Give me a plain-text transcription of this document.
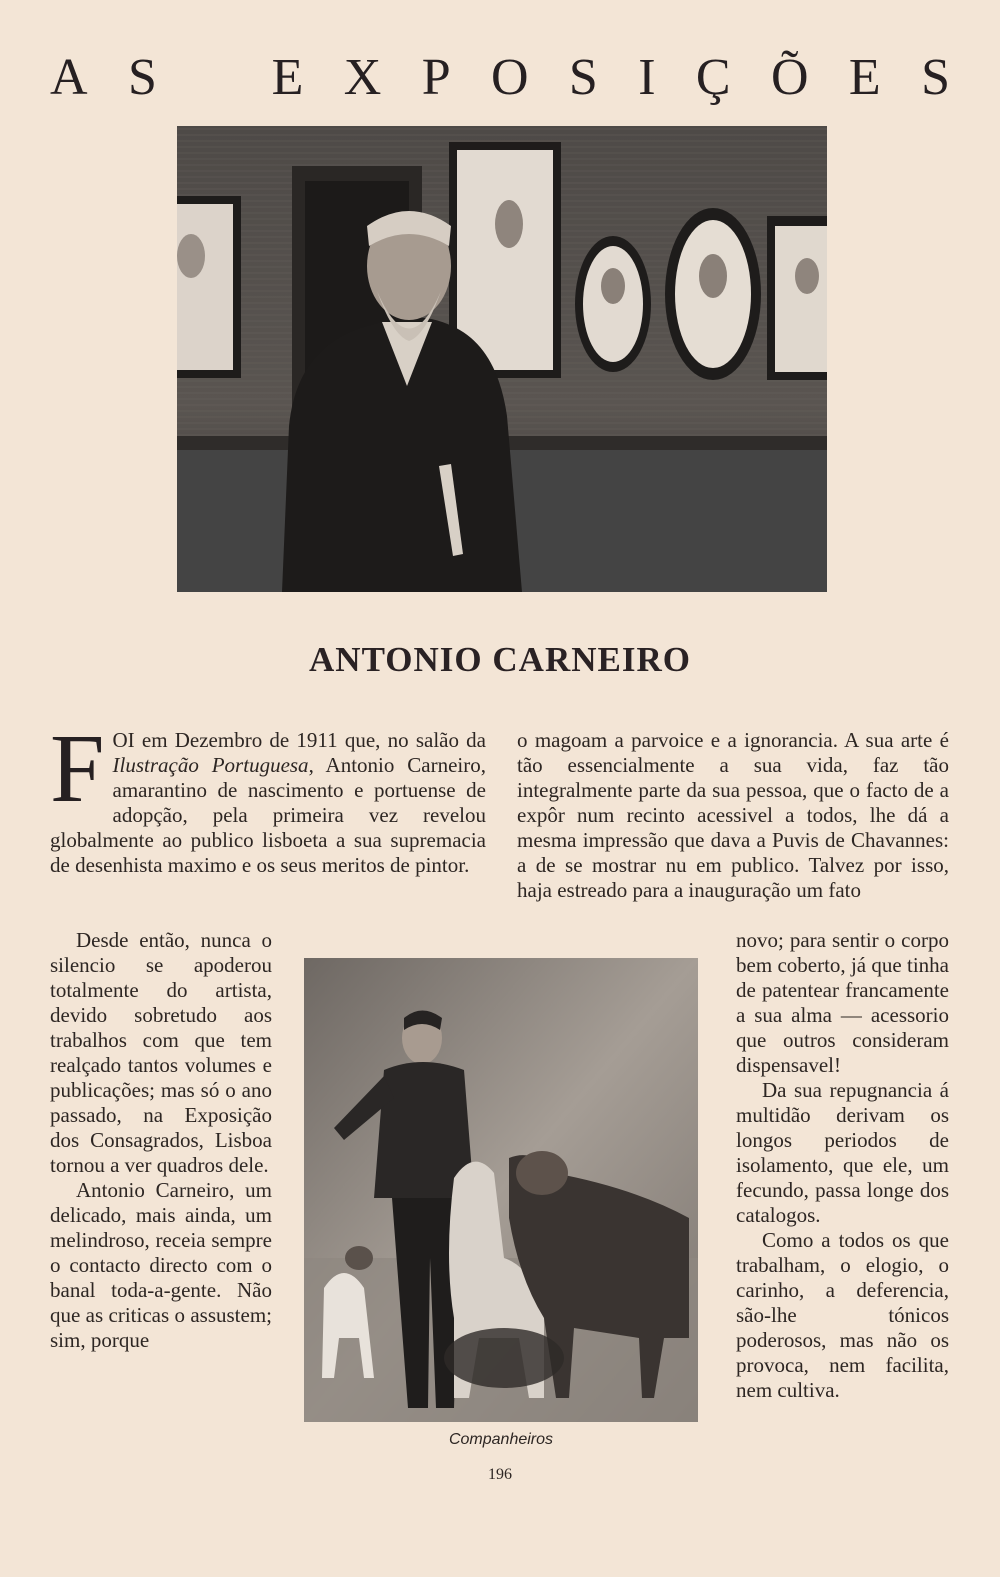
A S E X P O S I Ç Õ E S
ANTONIO CARNEIRO

FOI em Dezembro de 1911 que, no salão da Ilustração Portuguesa, Antonio Carneiro, amarantino de nascimento e portuense de adopção, pela primeira vez revelou globalmente ao publico lisboeta a sua supremacia de desenhista maximo e os seus meritos de pintor.

Desde então, nunca o silencio se apoderou totalmente do artista, devido sobretudo aos trabalhos com que tem realçado tantos volumes e publicações; mas só o ano passado, na Exposição dos Consagrados, Lisboa tornou a ver quadros dele.

Antonio Carneiro, um delicado, mais ainda, um melindroso, receia sempre o contacto directo com o banal toda-a-gente. Não que as criticas o assustem; sim, porque

o magoam a parvoice e a ignorancia. A sua arte é tão essencialmente a sua vida, faz tão integralmente parte da sua pessoa, que o facto de a expôr num recinto acessivel a todos, lhe dá a mesma impressão que dava a Puvis de Chavannes: a de se mostrar nu em publico. Talvez por isso, haja estreado para a inauguração um fato

novo; para sentir o corpo bem coberto, já que tinha de patentear francamente a sua alma — acessorio que outros consideram dispensavel!

Da sua repugnancia á multidão derivam os longos periodos de isolamento, que ele, um fecundo, passa longe dos catalogos.

Como a todos os que trabalham, o elogio, o carinho, a deferencia, são-lhe tónicos poderosos, mas não os provoca, nem facilita, nem cultiva.

Companheiros
196
